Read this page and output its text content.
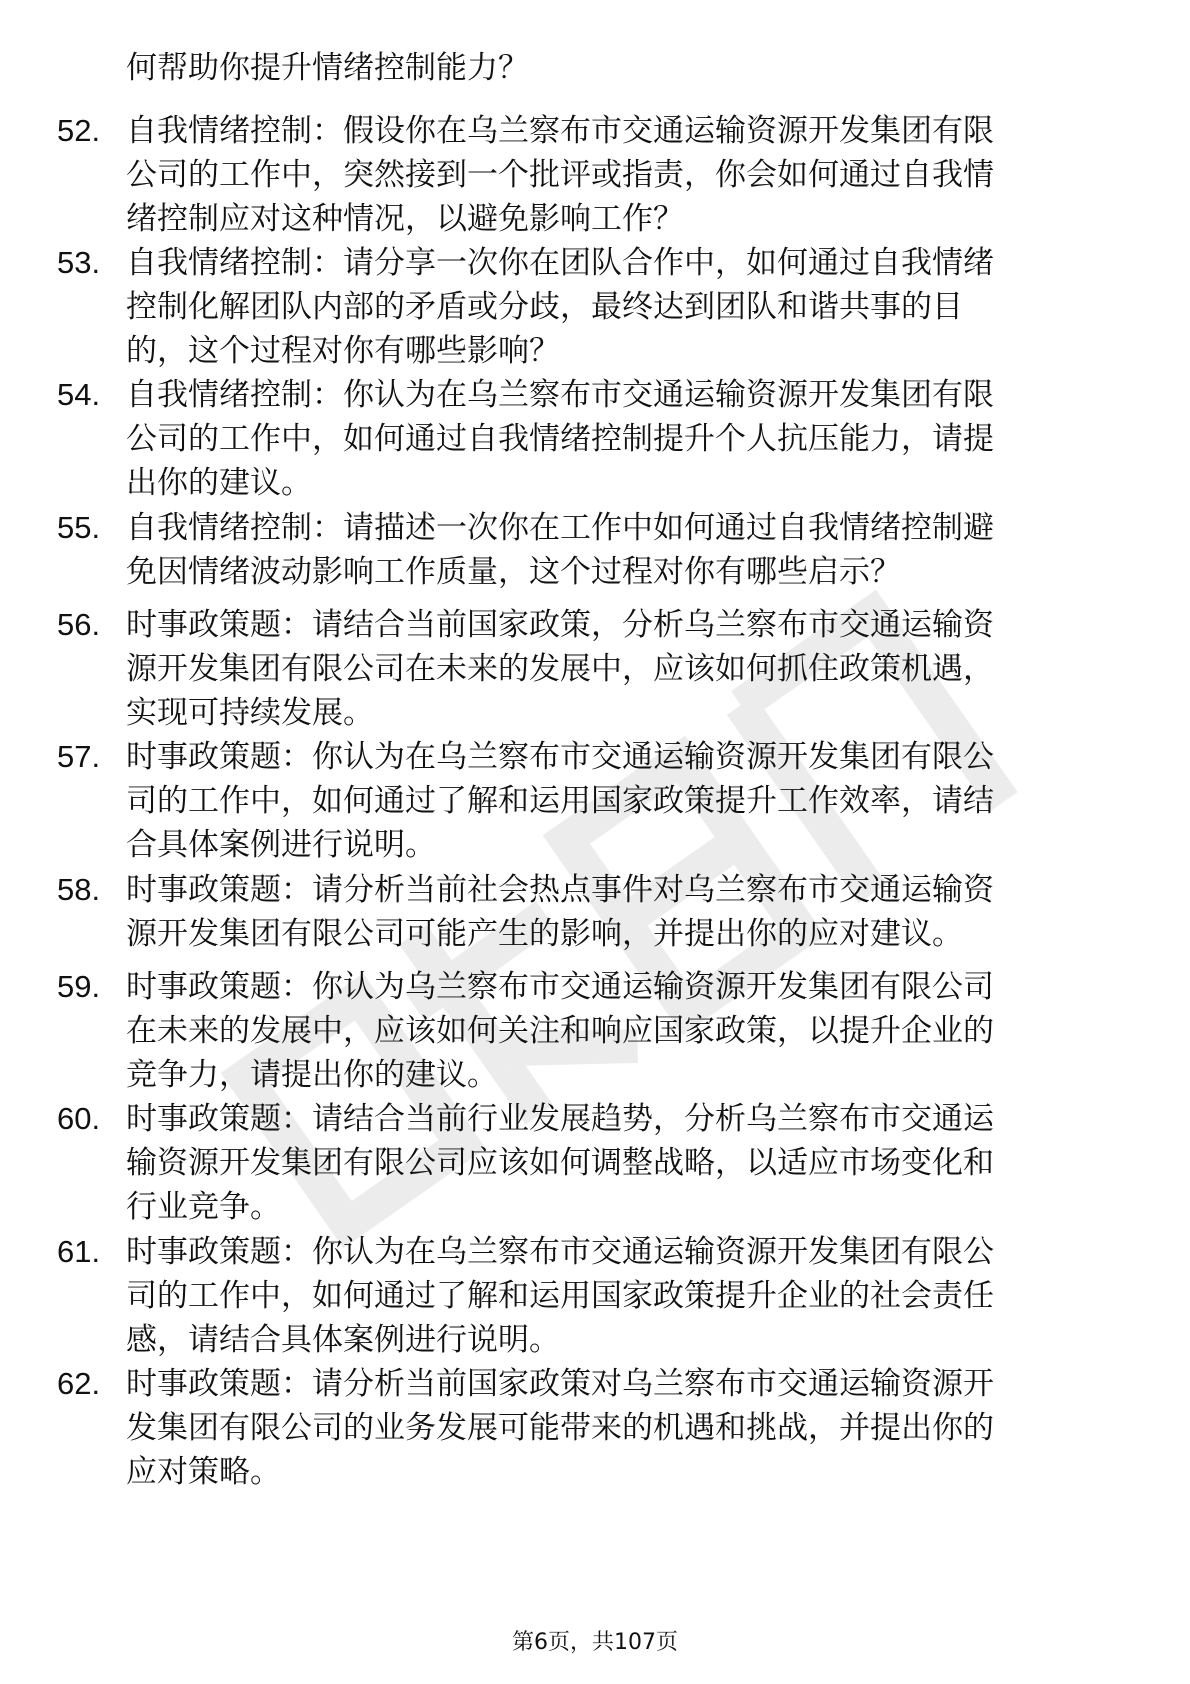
何帮助你提升情绪控制能力？

52. 自我情绪控制：假设你在乌兰察布市交通运输资源开发集团有限
公司的工作中，突然接到一个批评或指责，你会如何通过自我情
绪控制应对这种情况，以避免影响工作？

53. 自我情绪控制：请分享一次你在团队合作中，如何通过自我情绪
控制化解团队内部的矛盾或分歧，最终达到团队和谐共事的目
的，这个过程对你有哪些影响？

54. 自我情绪控制：你认为在乌兰察布市交通运输资源开发集团有限
公司的工作中，如何通过自我情绪控制提升个人抗压能力，请提
出你的建议。

55. 自我情绪控制：请描述一次你在工作中如何通过自我情绪控制避
免因情绪波动影响工作质量，这个过程对你有哪些启示？

56. 时事政策题：请结合当前国家政策，分析乌兰察布市交通运输资
源开发集团有限公司在未来的发展中，应该如何抓住政策机遇，
实现可持续发展。

57. 时事政策题：你认为在乌兰察布市交通运输资源开发集团有限公
司的工作中，如何通过了解和运用国家政策提升工作效率，请结
合具体案例进行说明。

58. 时事政策题：请分析当前社会热点事件对乌兰察布市交通运输资
源开发集团有限公司可能产生的影响，并提出你的应对建议。

59. 时事政策题：你认为乌兰察布市交通运输资源开发集团有限公司
在未来的发展中，应该如何关注和响应国家政策，以提升企业的
竞争力，请提出你的建议。

60. 时事政策题：请结合当前行业发展趋势，分析乌兰察布市交通运
输资源开发集团有限公司应该如何调整战略，以适应市场变化和
行业竞争。

61. 时事政策题：你认为在乌兰察布市交通运输资源开发集团有限公
司的工作中，如何通过了解和运用国家政策提升企业的社会责任
感，请结合具体案例进行说明。

62. 时事政策题：请分析当前国家政策对乌兰察布市交通运输资源开
发集团有限公司的业务发展可能带来的机遇和挑战，并提出你的
应对策略。

第6页，共107页
